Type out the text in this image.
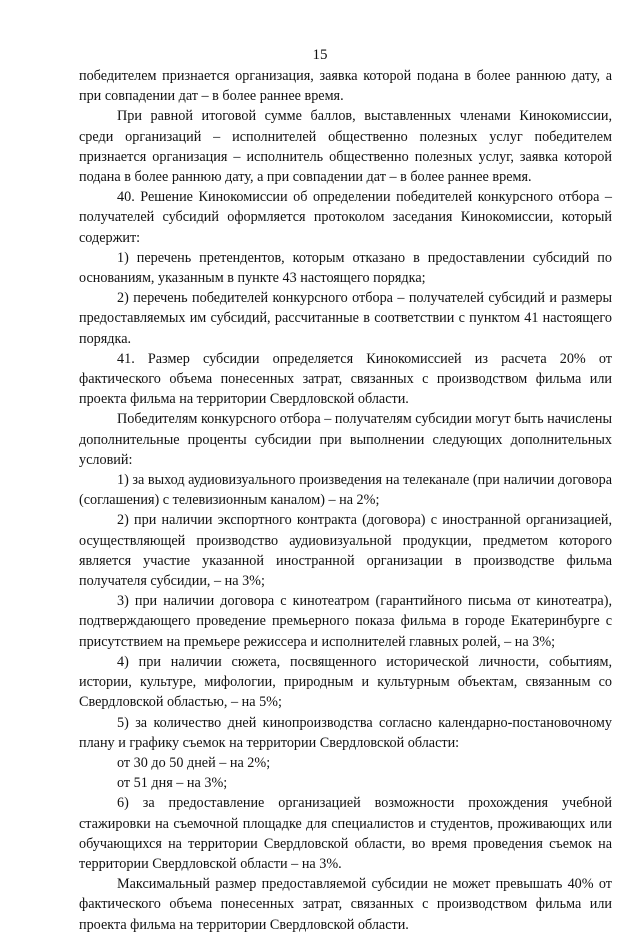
15

победителем признается организация, заявка которой подана в более раннюю дату, а при совпадении дат – в более раннее время.

При равной итоговой сумме баллов, выставленных членами Кинокомиссии, среди организаций – исполнителей общественно полезных услуг победителем признается организация – исполнитель общественно полезных услуг, заявка которой подана в более раннюю дату, а при совпадении дат – в более раннее время.

40. Решение Кинокомиссии об определении победителей конкурсного отбора – получателей субсидий оформляется протоколом заседания Кинокомиссии, который содержит:

1) перечень претендентов, которым отказано в предоставлении субсидий по основаниям, указанным в пункте 43 настоящего порядка;

2) перечень победителей конкурсного отбора – получателей субсидий и размеры предоставляемых им субсидий, рассчитанные в соответствии с пунктом 41 настоящего порядка.

41. Размер субсидии определяется Кинокомиссией из расчета 20% от фактического объема понесенных затрат, связанных с производством фильма или проекта фильма на территории Свердловской области.

Победителям конкурсного отбора – получателям субсидии могут быть начислены дополнительные проценты субсидии при выполнении следующих дополнительных условий:

1) за выход аудиовизуального произведения на телеканале (при наличии договора (соглашения) с телевизионным каналом) – на 2%;

2) при наличии экспортного контракта (договора) с иностранной организацией, осуществляющей производство аудиовизуальной продукции, предметом которого является участие указанной иностранной организации в производстве фильма получателя субсидии, – на 3%;

3) при наличии договора с кинотеатром (гарантийного письма от кинотеатра), подтверждающего проведение премьерного показа фильма в городе Екатеринбурге с присутствием на премьере режиссера и исполнителей главных ролей, – на 3%;

4) при наличии сюжета, посвященного исторической личности, событиям, истории, культуре, мифологии, природным и культурным объектам, связанным со Свердловской областью, – на 5%;

5) за количество дней кинопроизводства согласно календарно-постановочному плану и графику съемок на территории Свердловской области:

от 30 до 50 дней – на 2%;

от 51 дня – на 3%;

6) за предоставление организацией возможности прохождения учебной стажировки на съемочной площадке для специалистов и студентов, проживающих или обучающихся на территории Свердловской области, во время проведения съемок на территории Свердловской области – на 3%.

Максимальный размер предоставляемой субсидии не может превышать 40% от фактического объема понесенных затрат, связанных с производством фильма или проекта фильма на территории Свердловской области.
